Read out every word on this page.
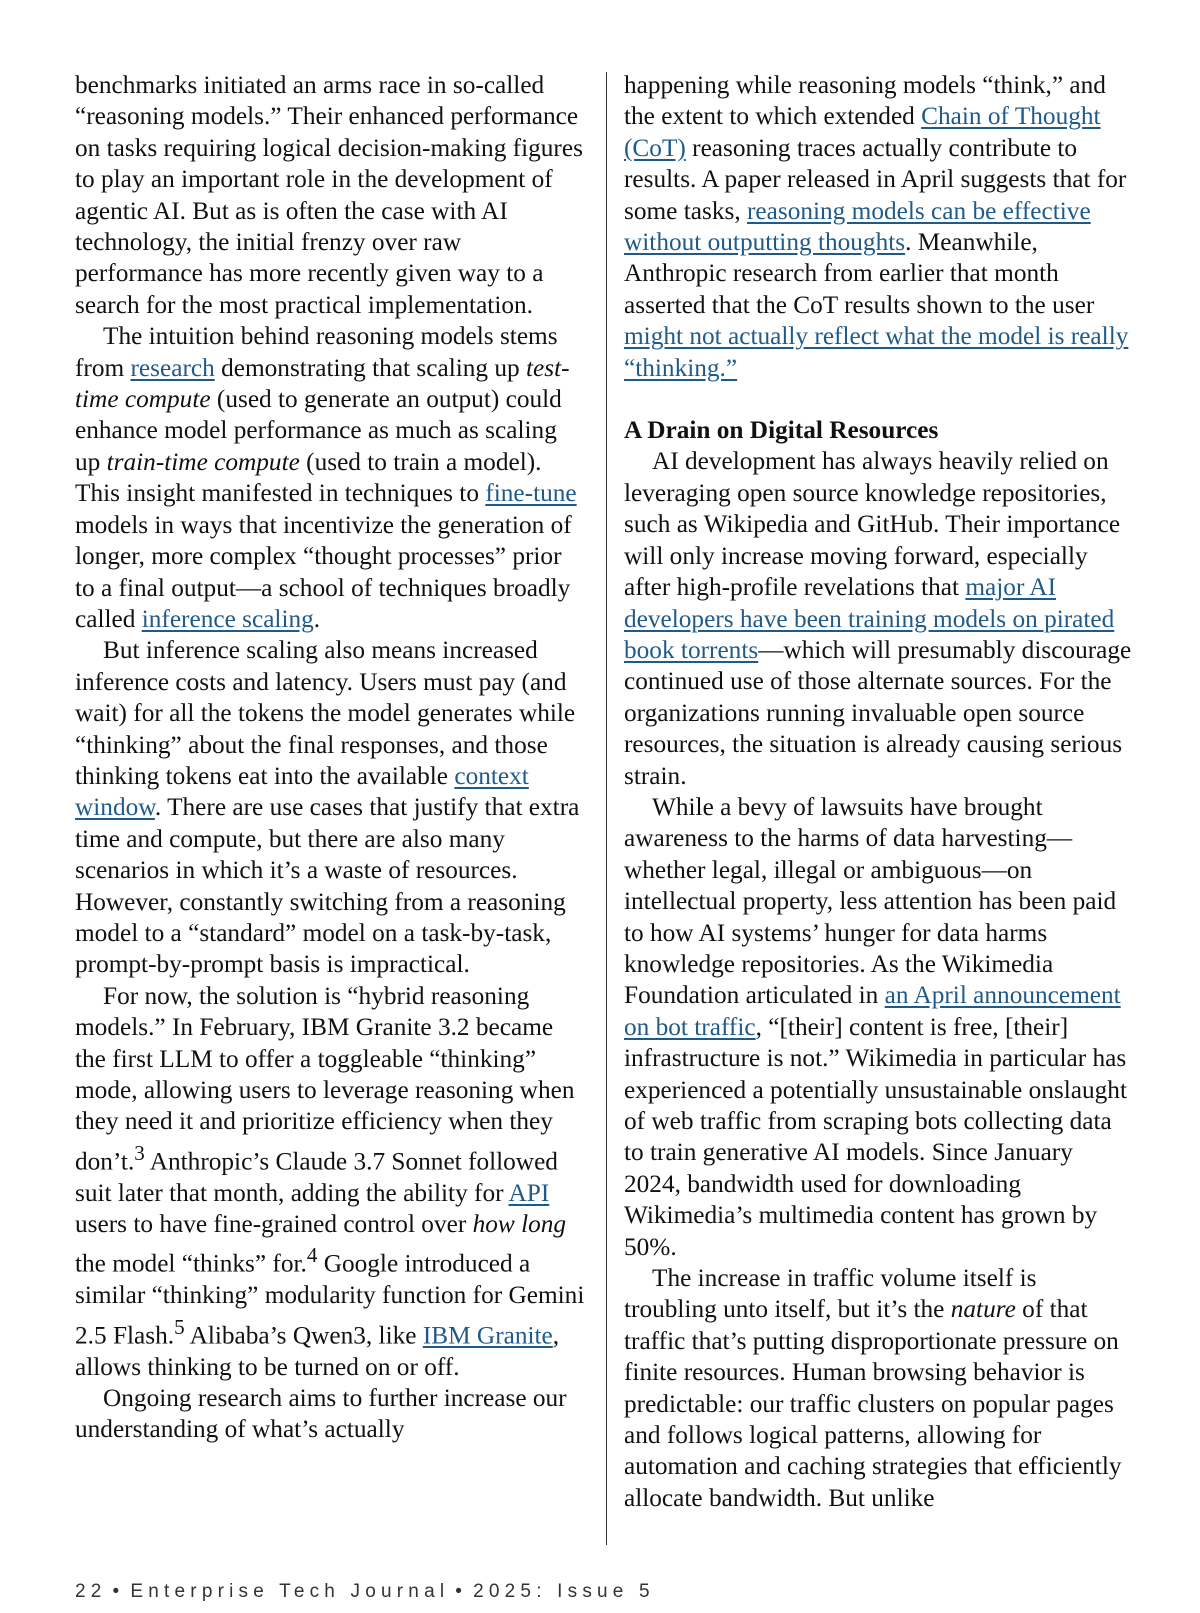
benchmarks initiated an arms race in so-called “reasoning models.” Their enhanced performance on tasks requiring logical decision-making figures to play an important role in the development of agentic AI. But as is often the case with AI technology, the initial frenzy over raw performance has more recently given way to a search for the most practical implementation.

The intuition behind reasoning models stems from research demonstrating that scaling up test-time compute (used to generate an output) could enhance model performance as much as scaling up train-time compute (used to train a model). This insight manifested in techniques to fine-tune models in ways that incentivize the generation of longer, more complex “thought processes” prior to a final output—a school of techniques broadly called inference scaling.

But inference scaling also means increased inference costs and latency. Users must pay (and wait) for all the tokens the model generates while “thinking” about the final responses, and those thinking tokens eat into the available context window. There are use cases that justify that extra time and compute, but there are also many scenarios in which it’s a waste of resources. However, constantly switching from a reasoning model to a “standard” model on a task-by-task, prompt-by-prompt basis is impractical.

For now, the solution is “hybrid reasoning models.” In February, IBM Granite 3.2 became the first LLM to offer a toggleable “thinking” mode, allowing users to leverage reasoning when they need it and prioritize efficiency when they don’t.$^3$ Anthropic’s Claude 3.7 Sonnet followed suit later that month, adding the ability for API users to have fine-grained control over how long the model “thinks” for.$^4$ Google introduced a similar “thinking” modularity function for Gemini 2.5 Flash.$^5$ Alibaba’s Qwen3, like IBM Granite, allows thinking to be turned on or off.

Ongoing research aims to further increase our understanding of what’s actually

happening while reasoning models “think,” and the extent to which extended Chain of Thought (CoT) reasoning traces actually contribute to results. A paper released in April suggests that for some tasks, reasoning models can be effective without outputting thoughts. Meanwhile, Anthropic research from earlier that month asserted that the CoT results shown to the user might not actually reflect what the model is really “thinking.”

A Drain on Digital Resources

AI development has always heavily relied on leveraging open source knowledge repositories, such as Wikipedia and GitHub. Their importance will only increase moving forward, especially after high-profile revelations that major AI developers have been training models on pirated book torrents—which will presumably discourage continued use of those alternate sources. For the organizations running invaluable open source resources, the situation is already causing serious strain.

While a bevy of lawsuits have brought awareness to the harms of data harvesting—whether legal, illegal or ambiguous—on intellectual property, less attention has been paid to how AI systems’ hunger for data harms knowledge repositories. As the Wikimedia Foundation articulated in an April announcement on bot traffic, “[their] content is free, [their] infrastructure is not.” Wikimedia in particular has experienced a potentially unsustainable onslaught of web traffic from scraping bots collecting data to train generative AI models. Since January 2024, bandwidth used for downloading Wikimedia’s multimedia content has grown by 50%.

The increase in traffic volume itself is troubling unto itself, but it’s the nature of that traffic that’s putting disproportionate pressure on finite resources. Human browsing behavior is predictable: our traffic clusters on popular pages and follows logical patterns, allowing for automation and caching strategies that efficiently allocate bandwidth. But unlike

22 • Enterprise Tech Journal • 2025: Issue 5
